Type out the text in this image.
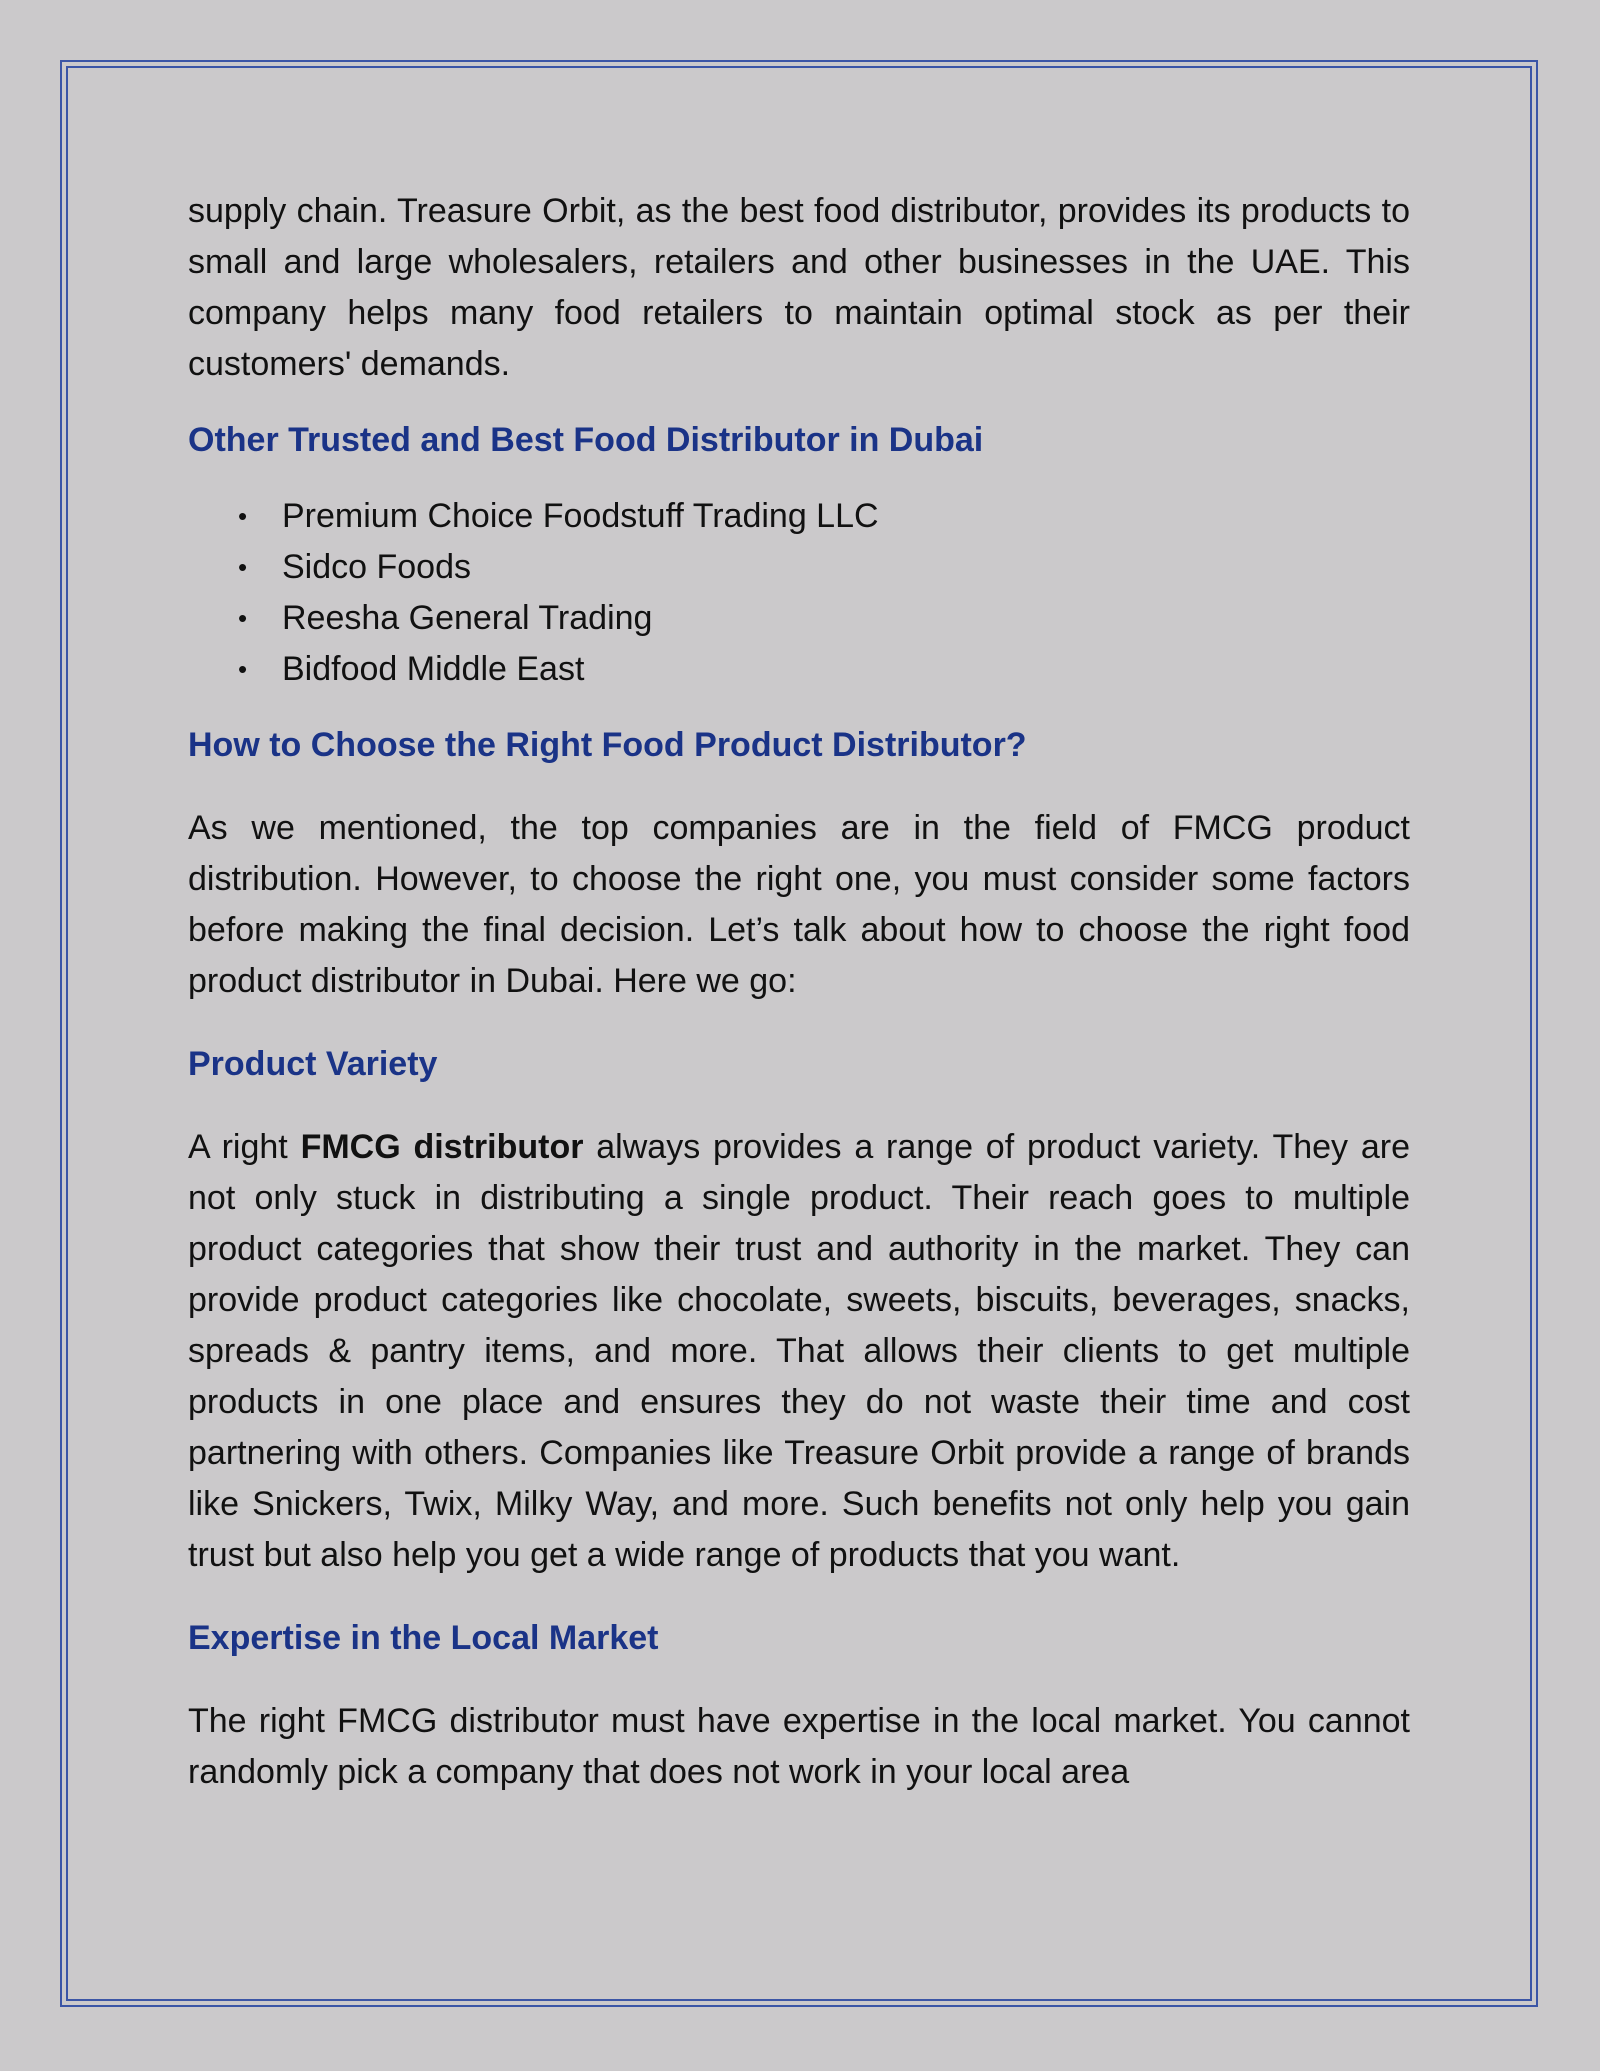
supply chain. Treasure Orbit, as the best food distributor, provides its products to small and large wholesalers, retailers and other businesses in the UAE. This company helps many food retailers to maintain optimal stock as per their customers' demands.

Other Trusted and Best Food Distributor in Dubai
• Premium Choice Foodstuff Trading LLC
• Sidco Foods
• Reesha General Trading
• Bidfood Middle East
How to Choose the Right Food Product Distributor?

As we mentioned, the top companies are in the field of FMCG product distribution. However, to choose the right one, you must consider some factors before making the final decision. Let’s talk about how to choose the right food product distributor in Dubai. Here we go:

Product Variety

A right FMCG distributor always provides a range of product variety. They are not only stuck in distributing a single product. Their reach goes to multiple product categories that show their trust and authority in the market. They can provide product categories like chocolate, sweets, biscuits, beverages, snacks, spreads & pantry items, and more. That allows their clients to get multiple products in one place and ensures they do not waste their time and cost partnering with others. Companies like Treasure Orbit provide a range of brands like Snickers, Twix, Milky Way, and more. Such benefits not only help you gain trust but also help you get a wide range of products that you want.

Expertise in the Local Market

The right FMCG distributor must have expertise in the local market. You cannot randomly pick a company that does not work in your local area
